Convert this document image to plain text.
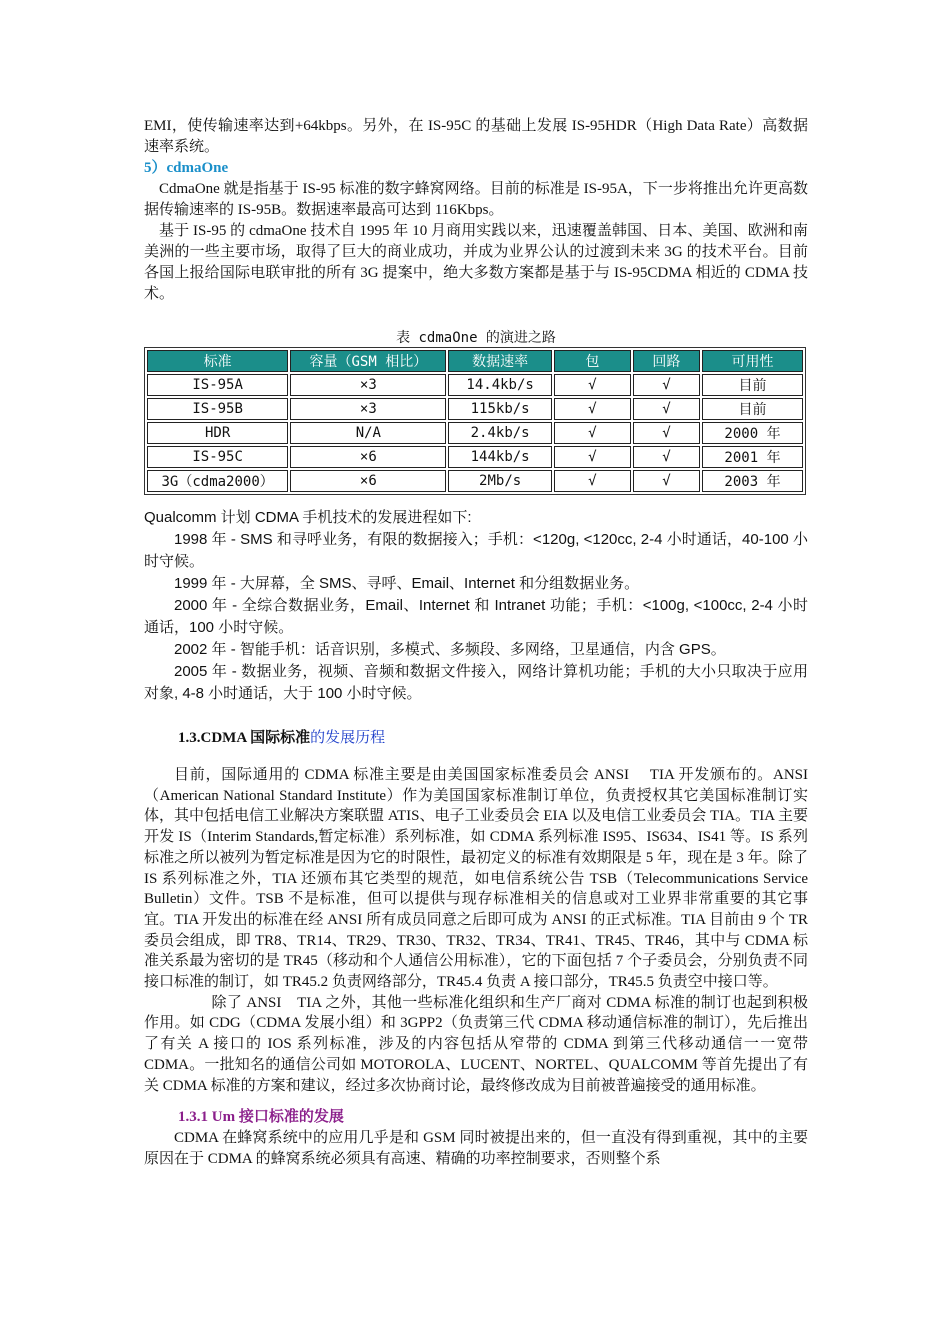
EMI，使传输速率达到+64kbps。另外，在 IS-95C 的基础上发展 IS-95HDR（High Data Rate）高数据速率系统。

5）cdmaOne

CdmaOne 就是指基于 IS-95 标准的数字蜂窝网络。目前的标准是 IS-95A，下一步将推出允许更高数据传输速率的 IS-95B。数据速率最高可达到 116Kbps。

基于 IS-95 的 cdmaOne 技术自 1995 年 10 月商用实践以来，迅速覆盖韩国、日本、美国、欧洲和南美洲的一些主要市场，取得了巨大的商业成功，并成为业界公认的过渡到未来 3G 的技术平台。目前各国上报给国际电联审批的所有 3G 提案中，绝大多数方案都是基于与 IS-95CDMA 相近的 CDMA 技术。

表 cdmaOne 的演进之路
标准	容量（GSM 相比）	数据速率	包	回路	可用性
IS-95A	×3	14.4kb/s	√	√	目前
IS-95B	×3	115kb/s	√	√	目前
HDR	N/A	2.4kb/s	√	√	2000 年
IS-95C	×6	144kb/s	√	√	2001 年
3G（cdma2000）	×6	2Mb/s	√	√	2003 年

Qualcomm 计划 CDMA 手机技术的发展进程如下:

1998 年 - SMS 和寻呼业务，有限的数据接入；手机：<120g, <120cc, 2-4 小时通话，40-100 小时守候。

1999 年 - 大屏幕，全 SMS、寻呼、Email、Internet 和分组数据业务。

2000 年 - 全综合数据业务，Email、Internet 和 Intranet 功能；手机：<100g, <100cc, 2-4 小时通话，100 小时守候。

2002 年 - 智能手机：话音识别，多模式、多频段、多网络，卫星通信，内含 GPS。

2005 年 - 数据业务，视频、音频和数据文件接入，网络计算机功能；手机的大小只取决于应用对象, 4-8 小时通话，大于 100 小时守候。

1.3.CDMA 国际标准的发展历程

目前，国际通用的 CDMA 标准主要是由美国国家标准委员会 ANSI　 TIA 开发颁布的。ANSI（American National Standard Institute）作为美国国家标准制订单位，负责授权其它美国标准制订实体，其中包括电信工业解决方案联盟 ATIS、电子工业委员会 EIA 以及电信工业委员会 TIA。TIA 主要开发 IS（Interim Standards,暂定标准）系列标准，如 CDMA 系列标准 IS95、IS634、IS41 等。IS 系列标准之所以被列为暂定标准是因为它的时限性，最初定义的标准有效期限是 5 年，现在是 3 年。除了 IS 系列标准之外，TIA 还颁布其它类型的规范，如电信系统公告 TSB（Telecommunications Service Bulletin）文件。TSB 不是标准，但可以提供与现存标准相关的信息或对工业界非常重要的其它事宜。TIA 开发出的标准在经 ANSI 所有成员同意之后即可成为 ANSI 的正式标准。TIA 目前由 9 个 TR 委员会组成，即 TR8、TR14、TR29、TR30、TR32、TR34、TR41、TR45、TR46，其中与 CDMA 标准关系最为密切的是 TR45（移动和个人通信公用标准），它的下面包括 7 个子委员会，分别负责不同接口标准的制订，如 TR45.2 负责网络部分，TR45.4 负责 A 接口部分，TR45.5 负责空中接口等。

除了 ANSI　TIA 之外，其他一些标准化组织和生产厂商对 CDMA 标准的制订也起到积极作用。如 CDG（CDMA 发展小组）和 3GPP2（负责第三代 CDMA 移动通信标准的制订），先后推出了有关 A 接口的 IOS 系列标准，涉及的内容包括从窄带的 CDMA 到第三代移动通信一一宽带 CDMA。一批知名的通信公司如 MOTOROLA、LUCENT、NORTEL、QUALCOMM 等首先提出了有关 CDMA 标准的方案和建议，经过多次协商讨论，最终修改成为目前被普遍接受的通用标准。

1.3.1 Um 接口标准的发展

CDMA 在蜂窝系统中的应用几乎是和 GSM 同时被提出来的，但一直没有得到重视，其中的主要原因在于 CDMA 的蜂窝系统必须具有高速、精确的功率控制要求，否则整个系
